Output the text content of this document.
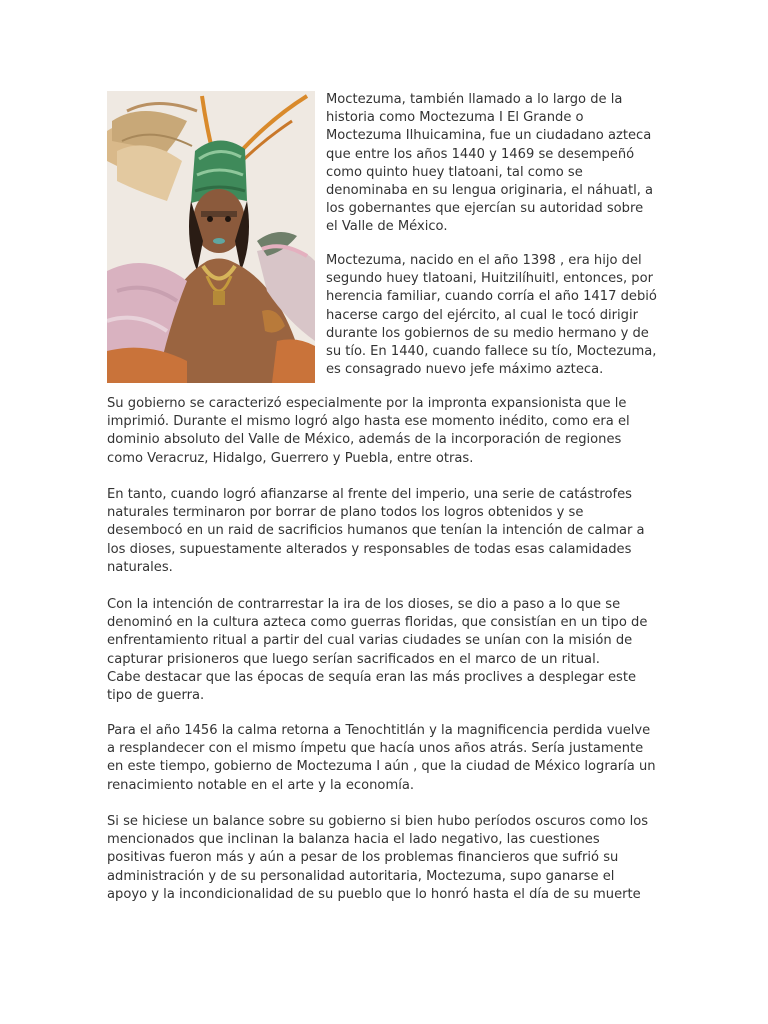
Moctezuma, también llamado a lo largo de la
historia como Moctezuma I El Grande o
Moctezuma Ilhuicamina, fue un ciudadano azteca
que entre los años 1440 y 1469 se desempeñó
como quinto huey tlatoani, tal como se
denominaba en su lengua originaria, el náhuatl, a
los gobernantes que ejercían su autoridad sobre
el Valle de México.

Moctezuma, nacido en el año 1398 , era hijo del
segundo huey tlatoani, Huitzilíhuitl, entonces, por
herencia familiar, cuando corría el año 1417 debió
hacerse cargo del ejército, al cual le tocó dirigir
durante los gobiernos de su medio hermano y de
su tío. En 1440, cuando fallece su tío, Moctezuma,
es consagrado nuevo jefe máximo azteca.

Su gobierno se caracterizó especialmente por la impronta expansionista que le
imprimió. Durante el mismo logró algo hasta ese momento inédito, como era el
dominio absoluto del Valle de México, además de la incorporación de regiones
como Veracruz, Hidalgo, Guerrero y Puebla, entre otras.

En tanto, cuando logró afianzarse al frente del imperio, una serie de catástrofes
naturales terminaron por borrar de plano todos los logros obtenidos y se
desembocó en un raid de sacrificios humanos que tenían la intención de calmar a
los dioses, supuestamente alterados y responsables de todas esas calamidades
naturales.

Con la intención de contrarrestar la ira de los dioses, se dio a paso a lo que se
denominó en la cultura azteca como guerras floridas, que consistían en un tipo de
enfrentamiento ritual a partir del cual varias ciudades se unían con la misión de
capturar prisioneros que luego serían sacrificados en el marco de un ritual.
Cabe destacar que las épocas de sequía eran las más proclives a desplegar este
tipo de guerra.

Para el año 1456 la calma retorna a Tenochtitlán y la magnificencia perdida vuelve
a resplandecer con el mismo ímpetu que hacía unos años atrás. Sería justamente
en este tiempo, gobierno de Moctezuma I aún , que la ciudad de México lograría un
renacimiento notable en el arte y la economía.

Si se hiciese un balance sobre su gobierno si bien hubo períodos oscuros como los
mencionados que inclinan la balanza hacia el lado negativo, las cuestiones
positivas fueron más y aún a pesar de los problemas financieros que sufrió su
administración y de su personalidad autoritaria, Moctezuma, supo ganarse el
apoyo y la incondicionalidad de su pueblo que lo honró hasta el día de su muerte
